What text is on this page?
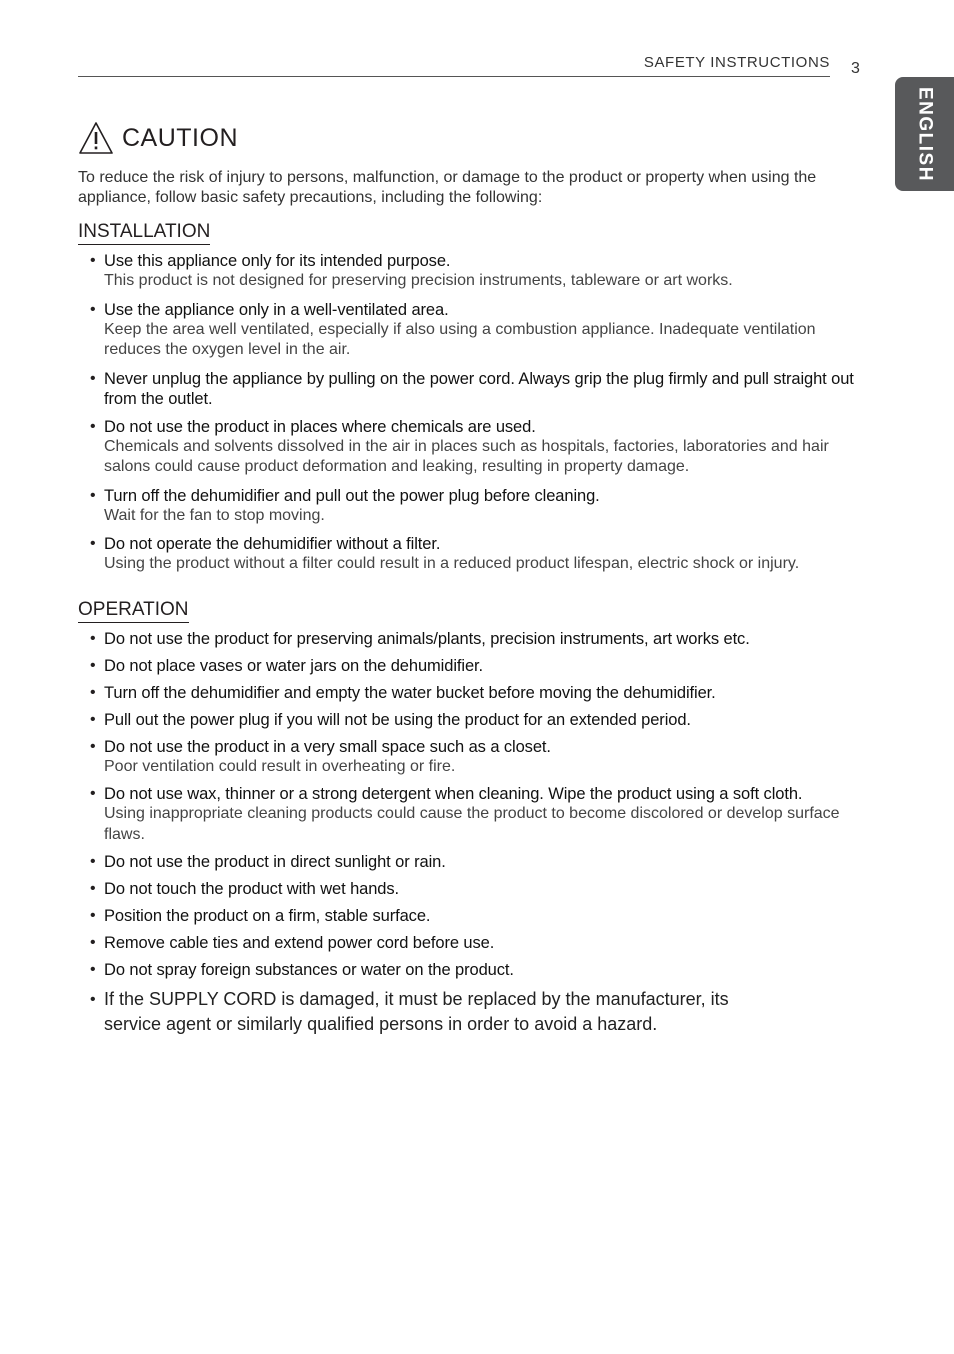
SAFETY INSTRUCTIONS 3
ENGLISH
CAUTION

To reduce the risk of injury to persons, malfunction, or damage to the product or property when using the appliance, follow basic safety precautions, including the following:

INSTALLATION
• Use this appliance only for its intended purpose.
This product is not designed for preserving precision instruments, tableware or art works.
• Use the appliance only in a well-ventilated area.
Keep the area well ventilated, especially if also using a combustion appliance. Inadequate ventilation reduces the oxygen level in the air.
• Never unplug the appliance by pulling on the power cord. Always grip the plug firmly and pull straight out from the outlet.
• Do not use the product in places where chemicals are used.
Chemicals and solvents dissolved in the air in places such as hospitals, factories, laboratories and hair salons could cause product deformation and leaking, resulting in property damage.
• Turn off the dehumidifier and pull out the power plug before cleaning.
Wait for the fan to stop moving.
• Do not operate the dehumidifier without a filter.
Using the product without a filter could result in a reduced product lifespan, electric shock or injury.
OPERATION
• Do not use the product for preserving animals/plants, precision instruments, art works etc.
• Do not place vases or water jars on the dehumidifier.
• Turn off the dehumidifier and empty the water bucket before moving the dehumidifier.
• Pull out the power plug if you will not be using the product for an extended period.
• Do not use the product in a very small space such as a closet.
Poor ventilation could result in overheating or fire.
• Do not use wax, thinner or a strong detergent when cleaning. Wipe the product using a soft cloth.
Using inappropriate cleaning products could cause the product to become discolored or develop surface flaws.
• Do not use the product in direct sunlight or rain.
• Do not touch the product with wet hands.
• Position the product on a firm, stable surface.
• Remove cable ties and extend power cord before use.
• Do not spray foreign substances or water on the product.
• If the SUPPLY CORD is damaged, it must be replaced by the manufacturer, its service agent or similarly qualified persons in order to avoid a hazard.
